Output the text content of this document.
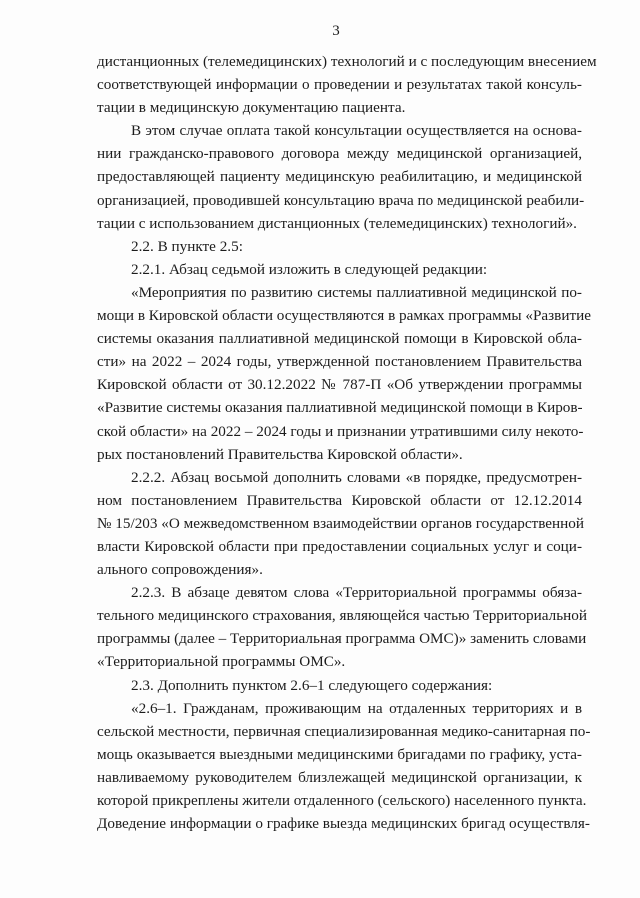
3

дистанционных (телемедицинских) технологий и с последующим внесением
соответствующей информации о проведении и результатах такой консуль-
тации в медицинскую документацию пациента.

В этом случае оплата такой консультации осуществляется на основа-
нии гражданско-правового договора между медицинской организацией,
предоставляющей пациенту медицинскую реабилитацию, и медицинской
организацией, проводившей консультацию врача по медицинской реабили-
тации с использованием дистанционных (телемедицинских) технологий».

2.2. В пункте 2.5:

2.2.1. Абзац седьмой изложить в следующей редакции:

«Мероприятия по развитию системы паллиативной медицинской по-
мощи в Кировской области осуществляются в рамках программы «Развитие
системы оказания паллиативной медицинской помощи в Кировской обла-
сти» на 2022 – 2024 годы, утвержденной постановлением Правительства
Кировской области от 30.12.2022 № 787-П «Об утверждении программы
«Развитие системы оказания паллиативной медицинской помощи в Киров-
ской области» на 2022 – 2024 годы и признании утратившими силу некото-
рых постановлений Правительства Кировской области».

2.2.2. Абзац восьмой дополнить словами «в порядке, предусмотрен-
ном постановлением Правительства Кировской области от 12.12.2014
№ 15/203 «О межведомственном взаимодействии органов государственной
власти Кировской области при предоставлении социальных услуг и соци-
ального сопровождения».

2.2.3. В абзаце девятом слова «Территориальной программы обяза-
тельного медицинского страхования, являющейся частью Территориальной
программы (далее – Территориальная программа ОМС)» заменить словами
«Территориальной программы ОМС».

2.3. Дополнить пунктом 2.6–1 следующего содержания:

«2.6–1. Гражданам, проживающим на отдаленных территориях и в
сельской местности, первичная специализированная медико-санитарная по-
мощь оказывается выездными медицинскими бригадами по графику, уста-
навливаемому руководителем близлежащей медицинской организации, к
которой прикреплены жители отдаленного (сельского) населенного пункта.
Доведение информации о графике выезда медицинских бригад осуществля-
